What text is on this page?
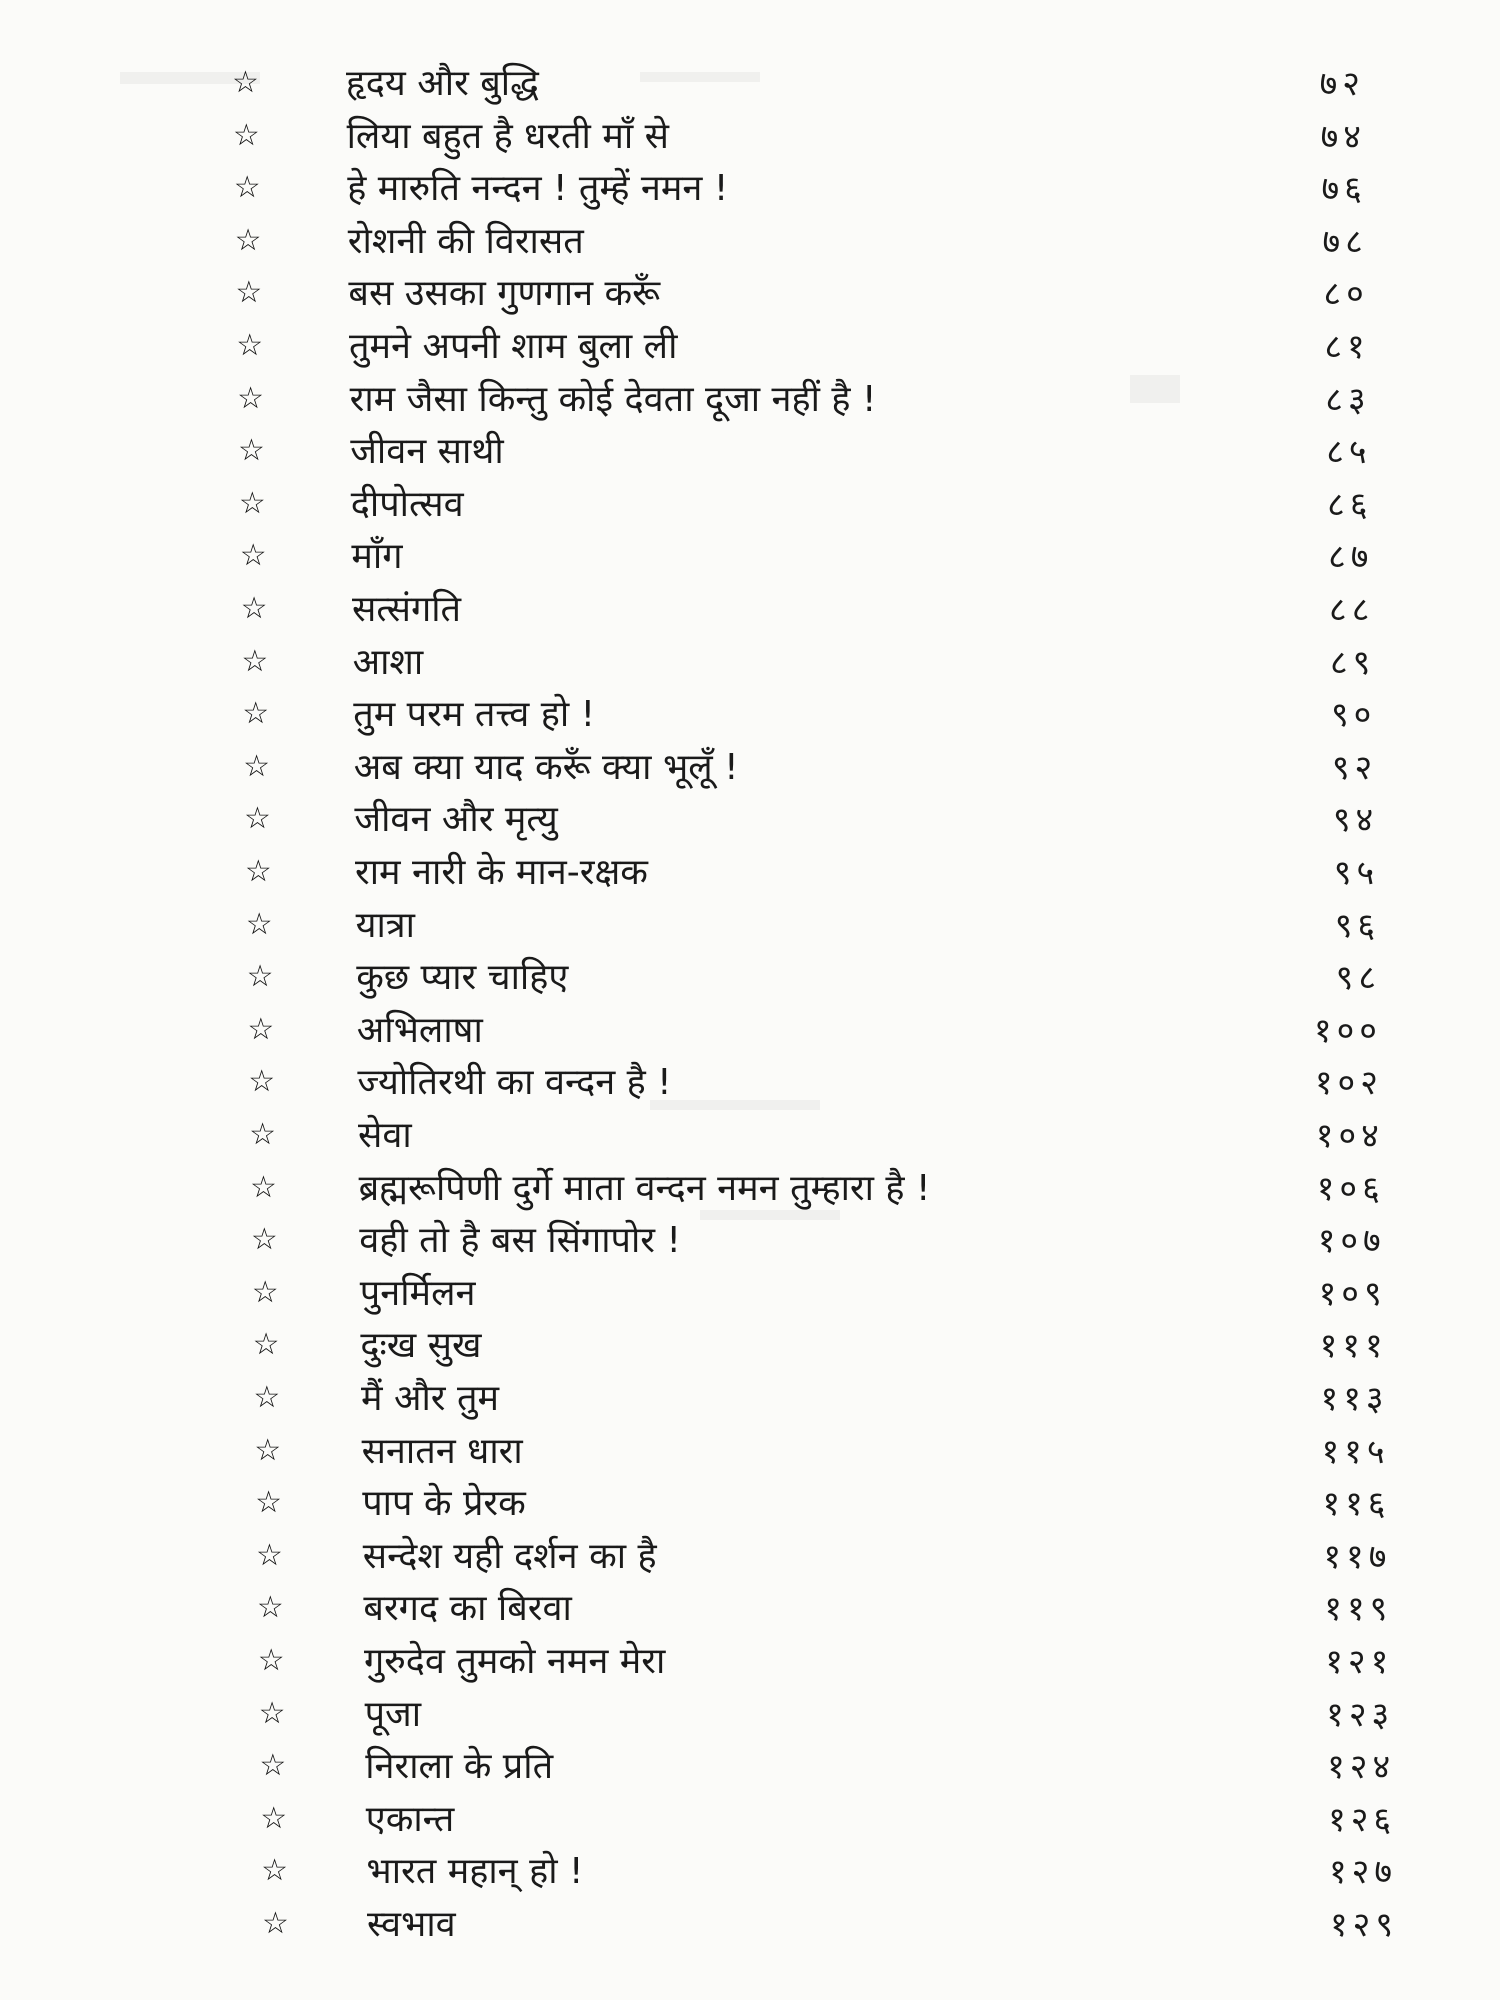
☆ हृदय और बुद्धि	७२
☆ लिया बहुत है धरती माँ से	७४
☆ हे मारुति नन्दन ! तुम्हें नमन !	७६
☆ रोशनी की विरासत	७८
☆ बस उसका गुणगान करूँ	८०
☆ तुमने अपनी शाम बुला ली	८१
☆ राम जैसा किन्तु कोई देवता दूजा नहीं है !	८३
☆ जीवन साथी	८५
☆ दीपोत्सव	८६
☆ माँग	८७
☆ सत्संगति	८८
☆ आशा	८९
☆ तुम परम तत्त्व हो !	९०
☆ अब क्या याद करूँ क्या भूलूँ !	९२
☆ जीवन और मृत्यु	९४
☆ राम नारी के मान-रक्षक	९५
☆ यात्रा	९६
☆ कुछ प्यार चाहिए	९८
☆ अभिलाषा	१००
☆ ज्योतिरथी का वन्दन है !	१०२
☆ सेवा	१०४
☆ ब्रह्मरूपिणी दुर्गे माता वन्दन नमन तुम्हारा है !	१०६
☆ वही तो है बस सिंगापोर !	१०७
☆ पुनर्मिलन	१०९
☆ दुःख सुख	१११
☆ मैं और तुम	११३
☆ सनातन धारा	११५
☆ पाप के प्रेरक	११६
☆ सन्देश यही दर्शन का है	११७
☆ बरगद का बिरवा	११९
☆ गुरुदेव तुमको नमन मेरा	१२१
☆ पूजा	१२३
☆ निराला के प्रति	१२४
☆ एकान्त	१२६
☆ भारत महान् हो !	१२७
☆ स्वभाव	१२९
